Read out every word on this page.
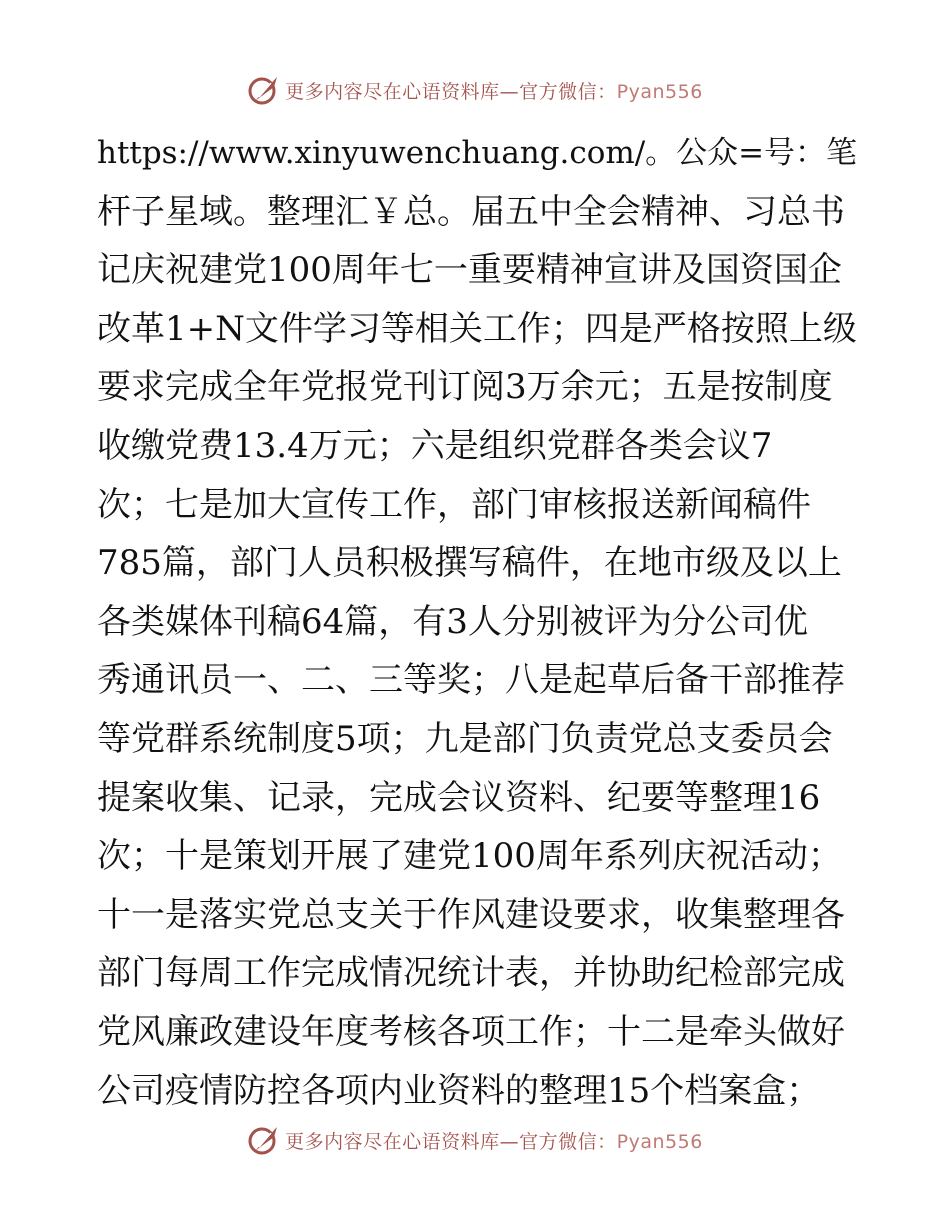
更多内容尽在心语资料库—官方微信：Pyan556
https://www.xinyuwenchuang.com/。公众=号：笔
杆子星域。整理汇￥总。届五中全会精神、习总书
记庆祝建党100周年七一重要精神宣讲及国资国企
改革1+N文件学习等相关工作；四是严格按照上级
要求完成全年党报党刊订阅3万余元；五是按制度
收缴党费13.4万元；六是组织党群各类会议7
次；七是加大宣传工作，部门审核报送新闻稿件
785篇，部门人员积极撰写稿件，在地市级及以上
各类媒体刊稿64篇，有3人分别被评为分公司优
秀通讯员一、二、三等奖；八是起草后备干部推荐
等党群系统制度5项；九是部门负责党总支委员会
提案收集、记录，完成会议资料、纪要等整理16
次；十是策划开展了建党100周年系列庆祝活动；
十一是落实党总支关于作风建设要求，收集整理各
部门每周工作完成情况统计表，并协助纪检部完成
党风廉政建设年度考核各项工作；十二是牵头做好
公司疫情防控各项内业资料的整理15个档案盒；
更多内容尽在心语资料库—官方微信：Pyan556
